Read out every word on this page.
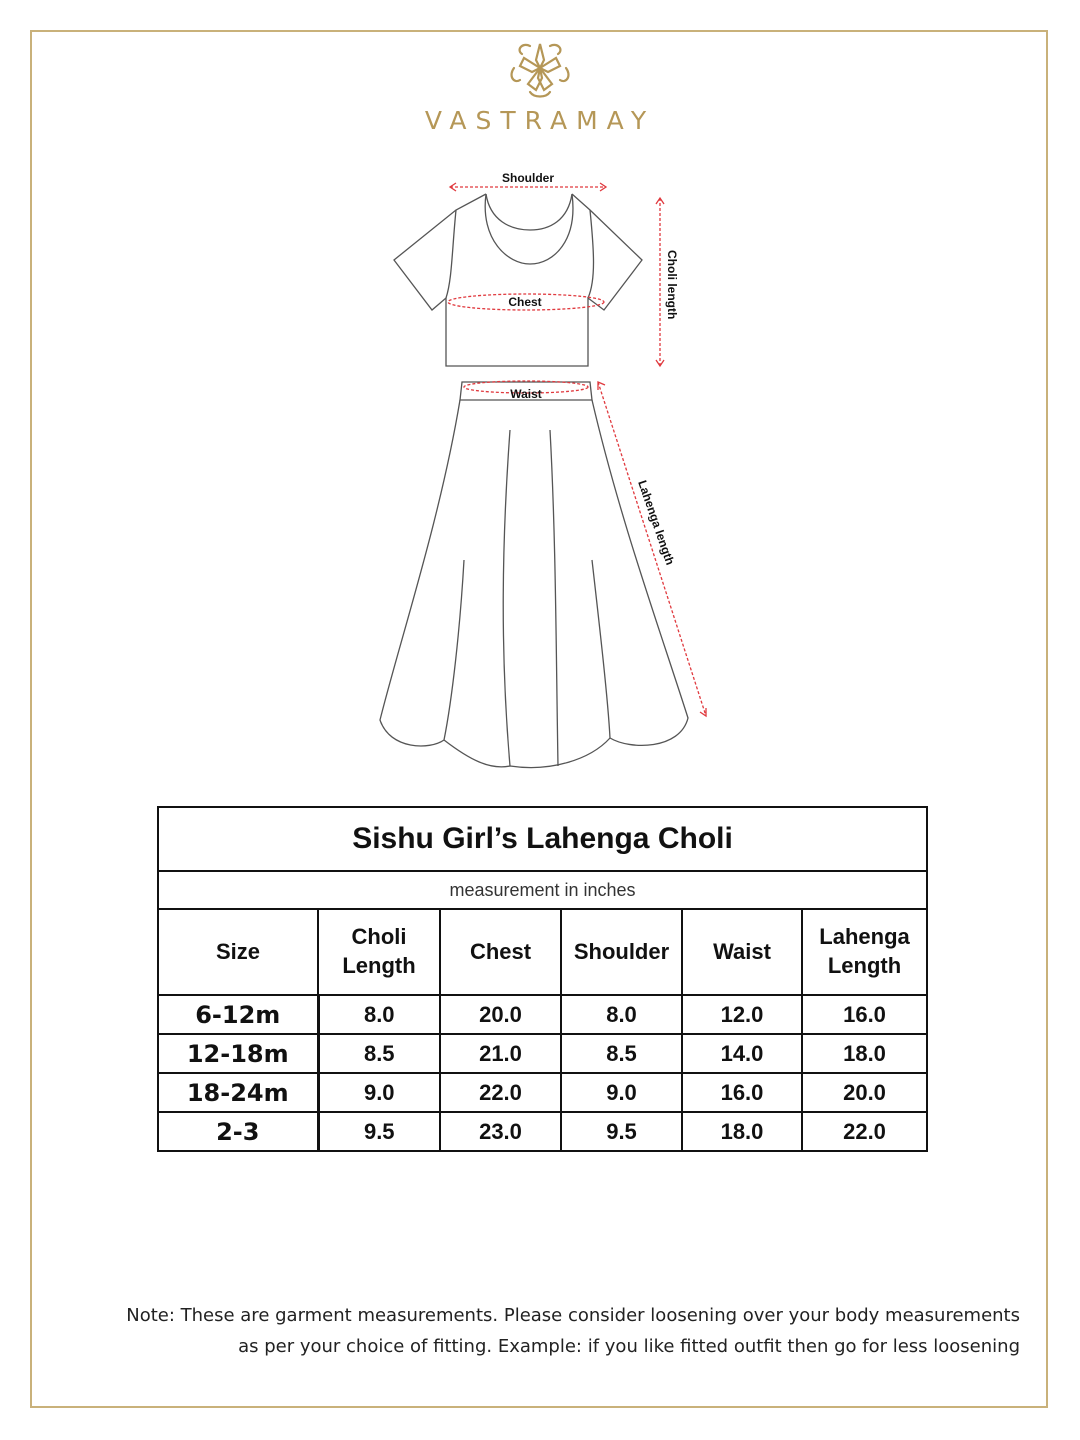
VASTRAMAY
Shoulder
Chest
Waist
Choli length
Lahenga length
Sishu Girl’s Lahenga Choli					
measurement in inches					
Size	Choli Length	Chest	Shoulder	Waist	Lahenga Length
6-12m	8.0	20.0	8.0	12.0	16.0
12-18m	8.5	21.0	8.5	14.0	18.0
18-24m	9.0	22.0	9.0	16.0	20.0
2-3	9.5	23.0	9.5	18.0	22.0
Note: These are garment measurements. Please consider loosening over your body measurements
as per your choice of fitting. Example: if you like fitted outfit then go for less loosening
